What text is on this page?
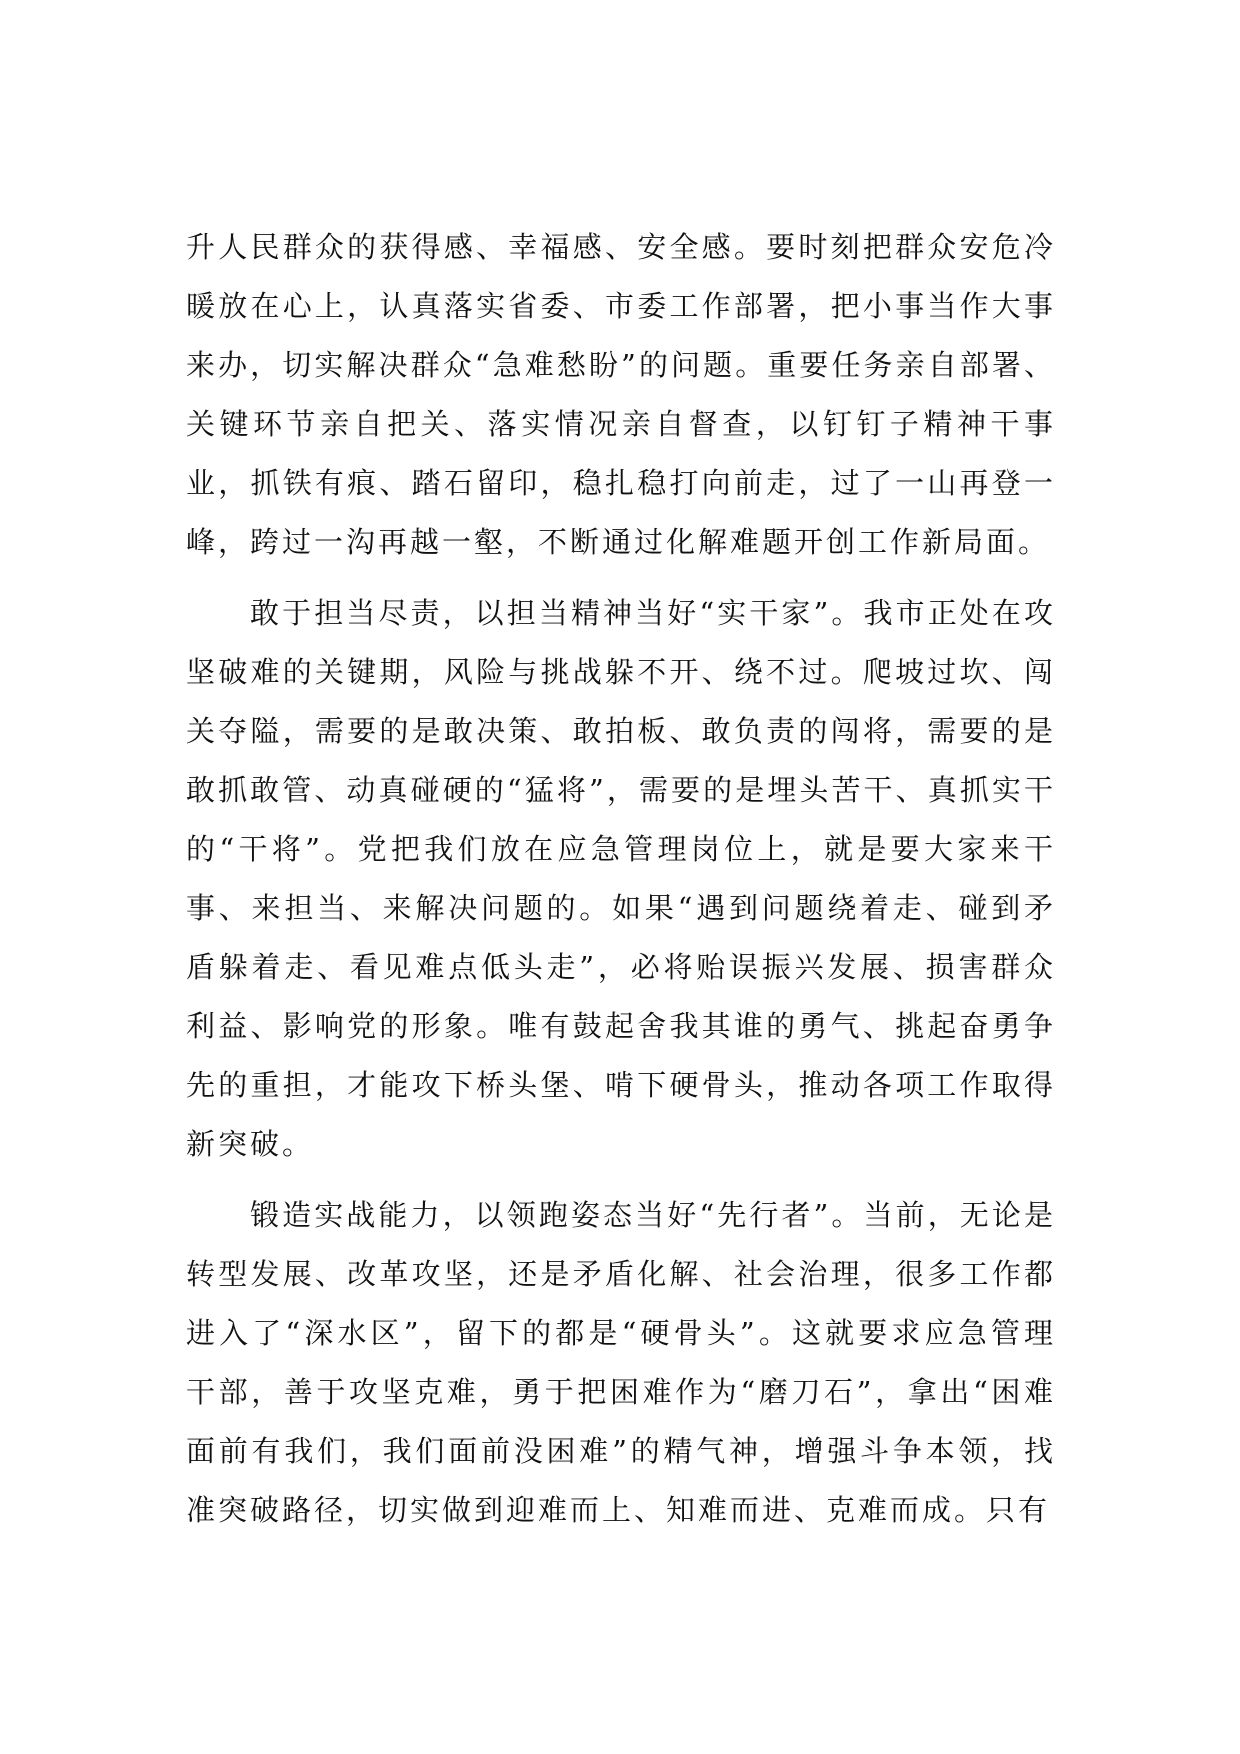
升人民群众的获得感、幸福感、安全感。要时刻把群众安危冷暖放在心上，认真落实省委、市委工作部署，把小事当作大事来办，切实解决群众“急难愁盼”的问题。重要任务亲自部署、关键环节亲自把关、落实情况亲自督查，以钉钉子精神干事业，抓铁有痕、踏石留印，稳扎稳打向前走，过了一山再登一峰，跨过一沟再越一壑，不断通过化解难题开创工作新局面。

敢于担当尽责，以担当精神当好“实干家”。我市正处在攻坚破难的关键期，风险与挑战躲不开、绕不过。爬坡过坎、闯关夺隘，需要的是敢决策、敢拍板、敢负责的闯将，需要的是敢抓敢管、动真碰硬的“猛将”，需要的是埋头苦干、真抓实干的“干将”。党把我们放在应急管理岗位上，就是要大家来干事、来担当、来解决问题的。如果“遇到问题绕着走、碰到矛盾躲着走、看见难点低头走”，必将贻误振兴发展、损害群众利益、影响党的形象。唯有鼓起舍我其谁的勇气、挑起奋勇争先的重担，才能攻下桥头堡、啃下硬骨头，推动各项工作取得新突破。

锻造实战能力，以领跑姿态当好“先行者”。当前，无论是转型发展、改革攻坚，还是矛盾化解、社会治理，很多工作都进入了“深水区”，留下的都是“硬骨头”。这就要求应急管理干部，善于攻坚克难，勇于把困难作为“磨刀石”，拿出“困难面前有我们，我们面前没困难”的精气神，增强斗争本领，找准突破路径，切实做到迎难而上、知难而进、克难而成。只有
